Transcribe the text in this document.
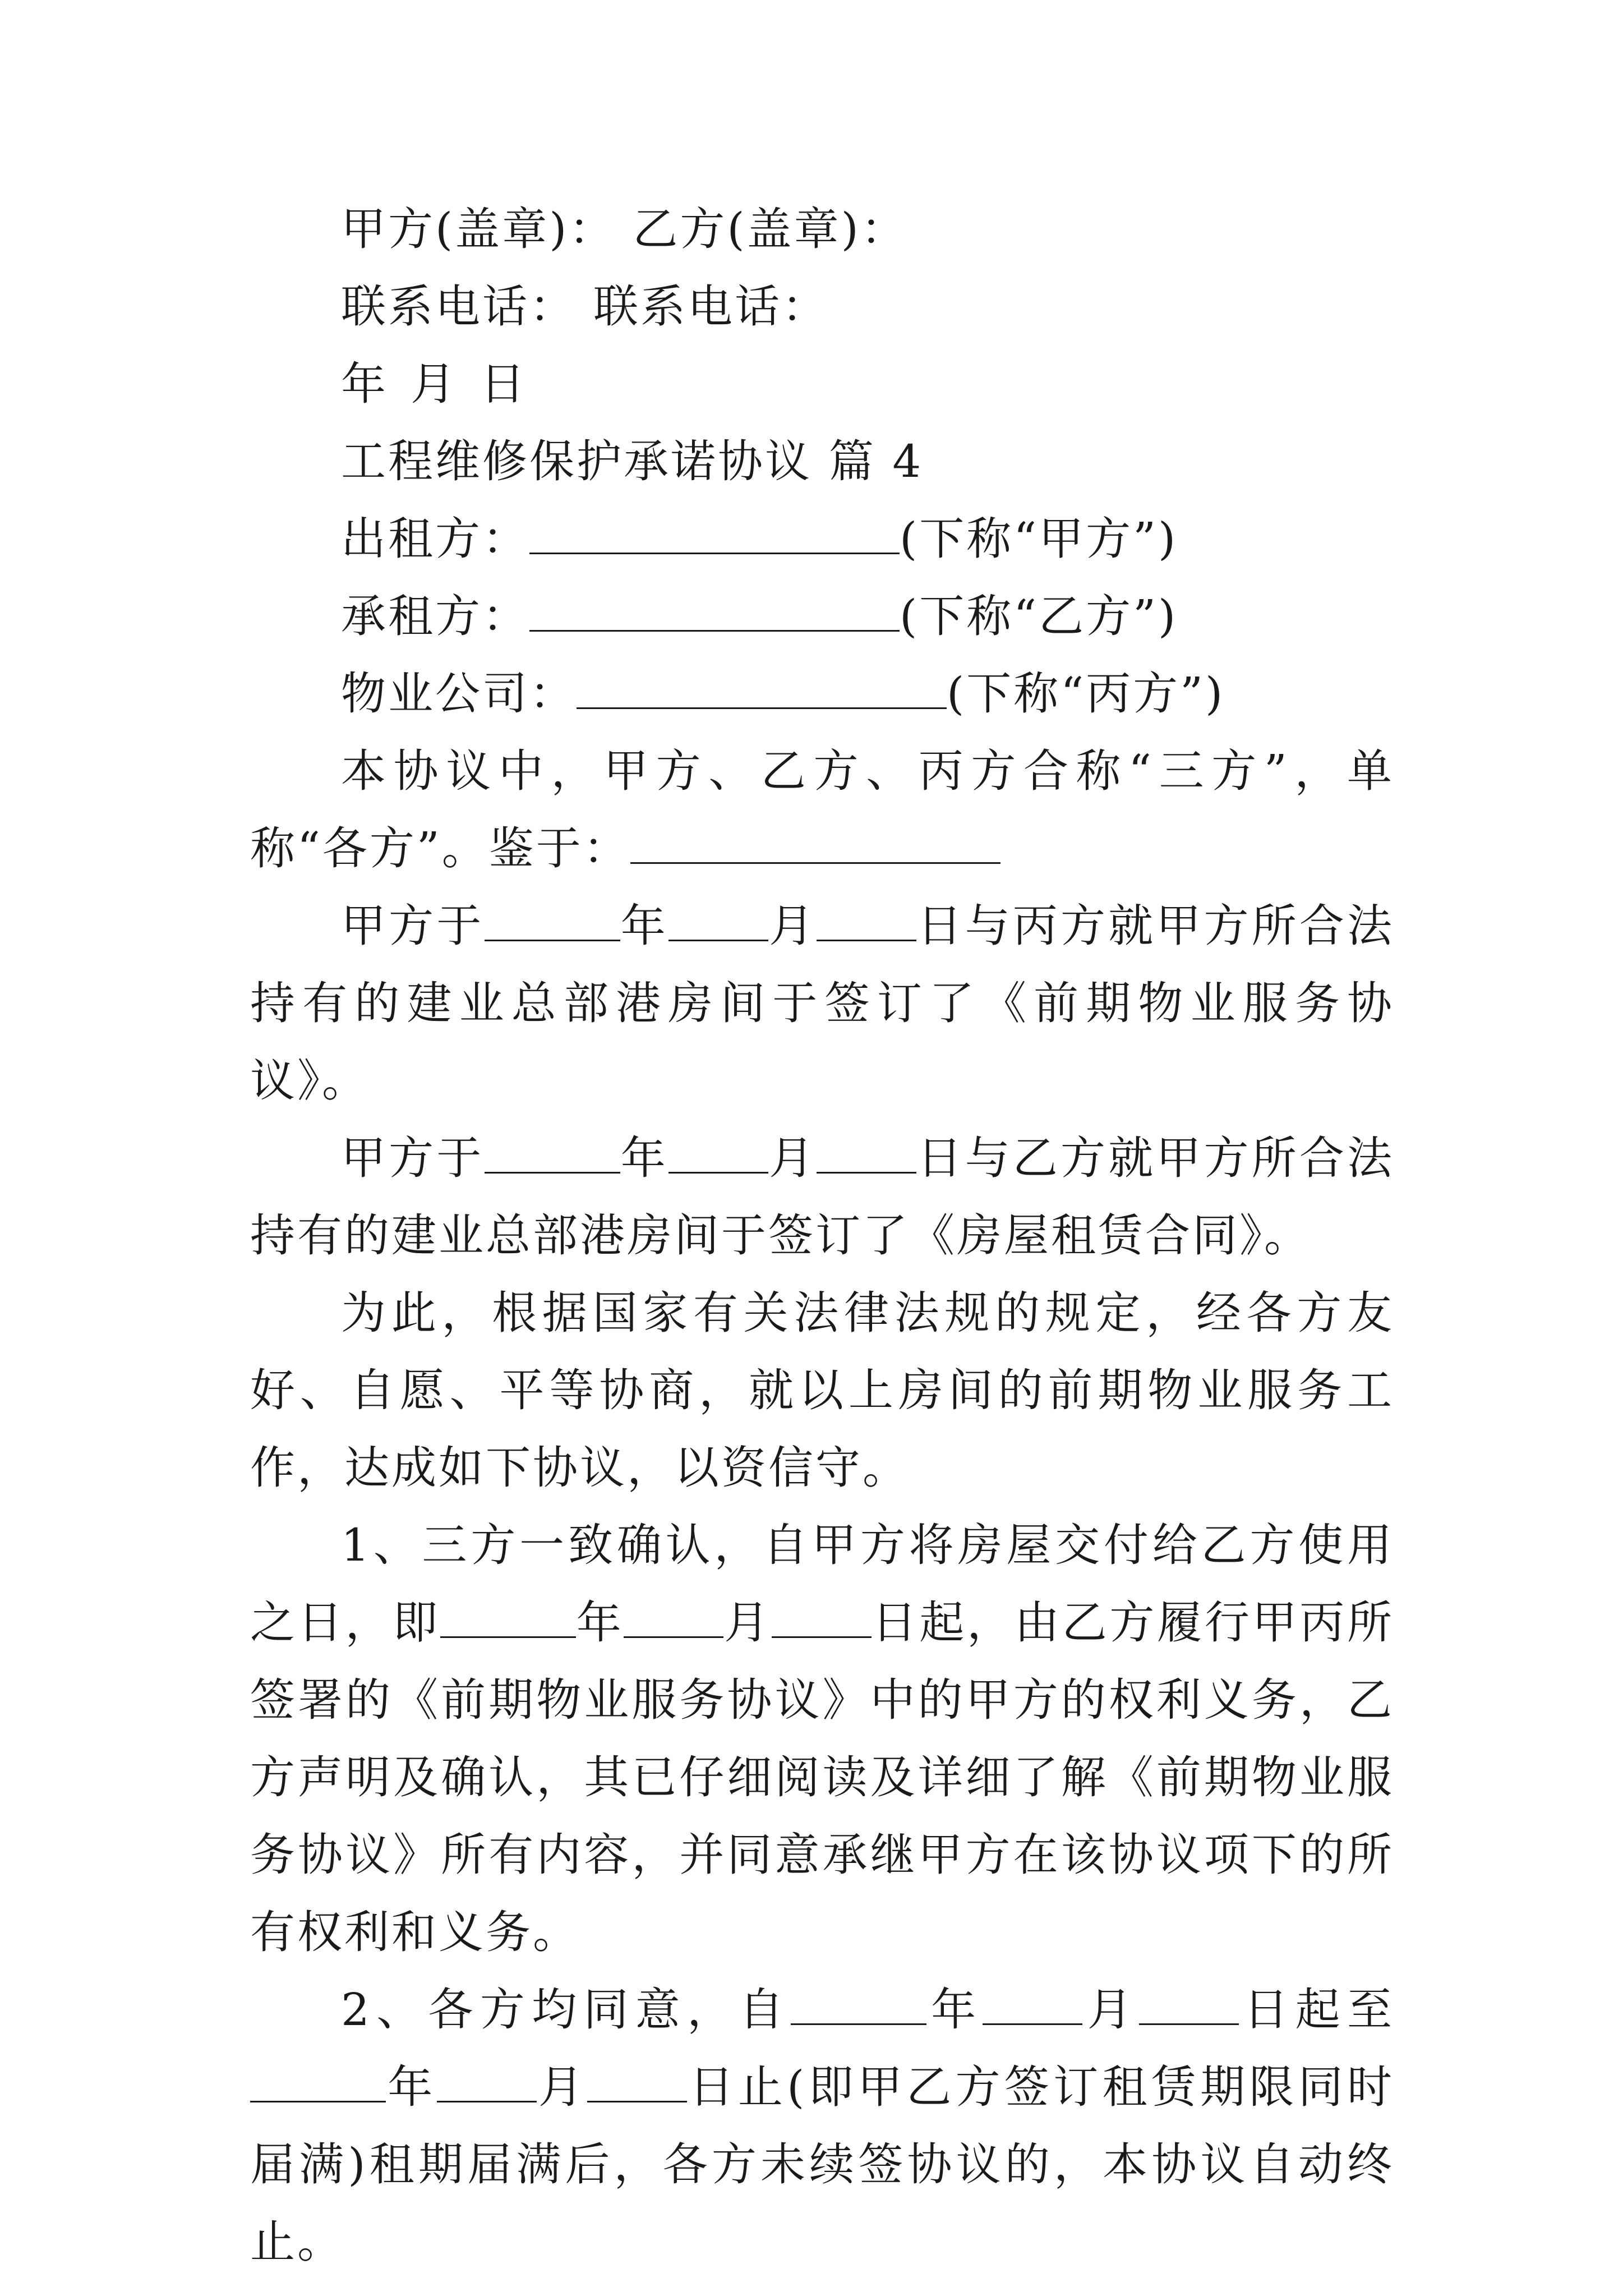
甲方(盖章)： 乙方(盖章)：

联系电话： 联系电话：

年 月 日

工程维修保护承诺协议 篇 4

出租方：	(下称“甲方”)

承租方：	(下称“乙方”)

物业公司：	(下称“丙方”)

本协议中，甲方、乙方、丙方合称“三方”，单称“各方”。鉴于：

甲方于	年 月 日与丙方就甲方所合法持有的建业总部港房间于签订了《前期物业服务协议》。

甲方于	年 月 日与乙方就甲方所合法持有的建业总部港房间于签订了《房屋租赁合同》。

为此，根据国家有关法律法规的规定，经各方友好、自愿、平等协商，就以上房间的前期物业服务工作，达成如下协议，以资信守。

1、三方一致确认，自甲方将房屋交付给乙方使用之日，即	年 月 日起，由乙方履行甲丙所签署的《前期物业服务协议》中的甲方的权利义务，乙方声明及确认，其已仔细阅读及详细了解《前期物业服务协议》所有内容，并同意承继甲方在该协议项下的所有权利和义务。

2、各方均同意，自	年 月 日起至年 月 日止(即甲乙方签订租赁期限同时届满)租期届满后，各方未续签协议的，本协议自动终止。
